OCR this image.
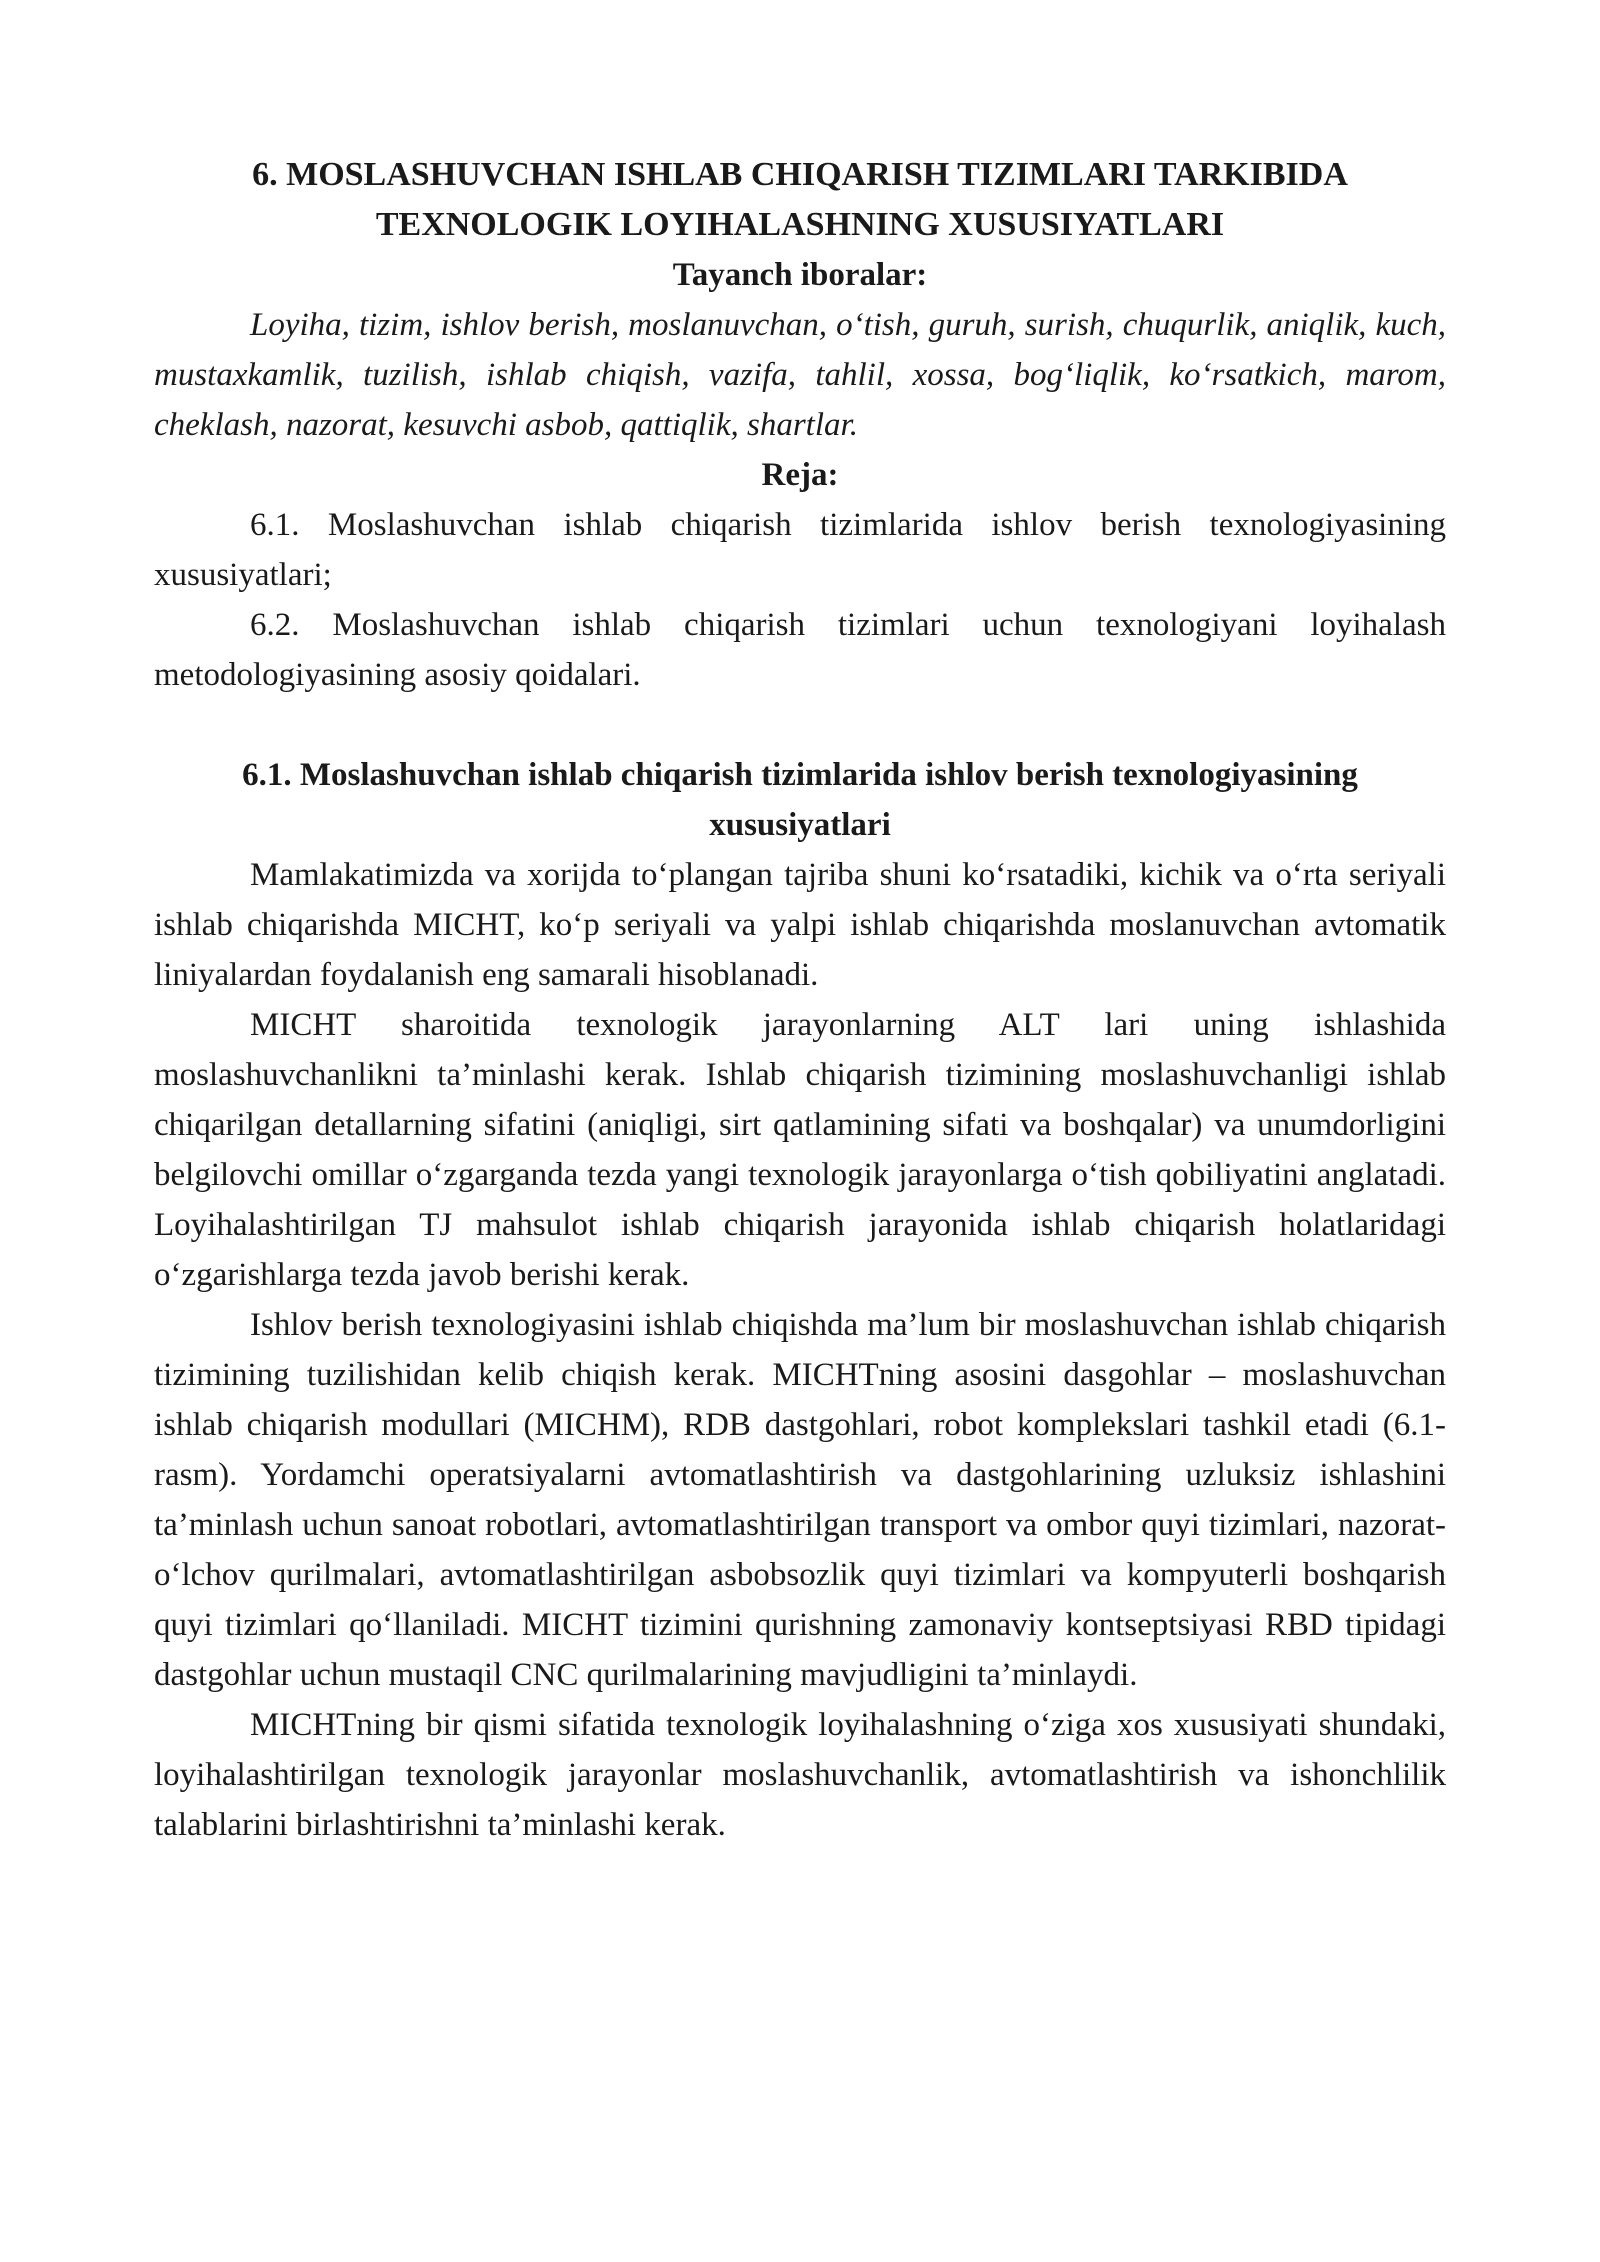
6. MOSLASHUVCHAN ISHLAB CHIQARISH TIZIMLARI TARKIBIDA
TEXNOLOGIK LOYIHALASHNING XUSUSIYATLARI
Tayanch iboralar:

Loyiha, tizim, ishlov berish, moslanuvchan, o‘tish, guruh, surish, chuqurlik, aniqlik, kuch, mustaxkamlik, tuzilish, ishlab chiqish, vazifa, tahlil, xossa, bog‘liqlik, ko‘rsatkich, marom, cheklash, nazorat, kesuvchi asbob, qattiqlik, shartlar.

Reja:

6.1. Moslashuvchan ishlab chiqarish tizimlarida ishlov berish texnologiyasining xususiyatlari;

6.2. Moslashuvchan ishlab chiqarish tizimlari uchun texnologiyani loyihalash metodologiyasining asosiy qoidalari.

6.1. Moslashuvchan ishlab chiqarish tizimlarida ishlov berish texnologiyasining xususiyatlari

Mamlakatimizda va xorijda to‘plangan tajriba shuni ko‘rsatadiki, kichik va o‘rta seriyali ishlab chiqarishda MICHT, ko‘p seriyali va yalpi ishlab chiqarishda moslanuvchan avtomatik liniyalardan foydalanish eng samarali hisoblanadi.

MICHT sharoitida texnologik jarayonlarning ALT lari uning ishlashida moslashuvchanlikni ta’minlashi kerak. Ishlab chiqarish tizimining moslashuvchanligi ishlab chiqarilgan detallarning sifatini (aniqligi, sirt qatlamining sifati va boshqalar) va unumdorligini belgilovchi omillar o‘zgarganda tezda yangi texnologik jarayonlarga o‘tish qobiliyatini anglatadi. Loyihalashtirilgan TJ mahsulot ishlab chiqarish jarayonida ishlab chiqarish holatlaridagi o‘zgarishlarga tezda javob berishi kerak.

Ishlov berish texnologiyasini ishlab chiqishda ma’lum bir moslashuvchan ishlab chiqarish tizimining tuzilishidan kelib chiqish kerak. MICHTning asosini dasgohlar – moslashuvchan ishlab chiqarish modullari (MICHM), RDB dastgohlari, robot komplekslari tashkil etadi (6.1-rasm). Yordamchi operatsiyalarni avtomatlashtirish va dastgohlarining uzluksiz ishlashini ta’minlash uchun sanoat robotlari, avtomatlashtirilgan transport va ombor quyi tizimlari, nazorat-o‘lchov qurilmalari, avtomatlashtirilgan asbobsozlik quyi tizimlari va kompyuterli boshqarish quyi tizimlari qo‘llaniladi. MICHT tizimini qurishning zamonaviy kontseptsiyasi RBD tipidagi dastgohlar uchun mustaqil CNC qurilmalarining mavjudligini ta’minlaydi.

MICHTning bir qismi sifatida texnologik loyihalashning o‘ziga xos xususiyati shundaki, loyihalashtirilgan texnologik jarayonlar moslashuvchanlik, avtomatlashtirish va ishonchlilik talablarini birlashtirishni ta’minlashi kerak.
